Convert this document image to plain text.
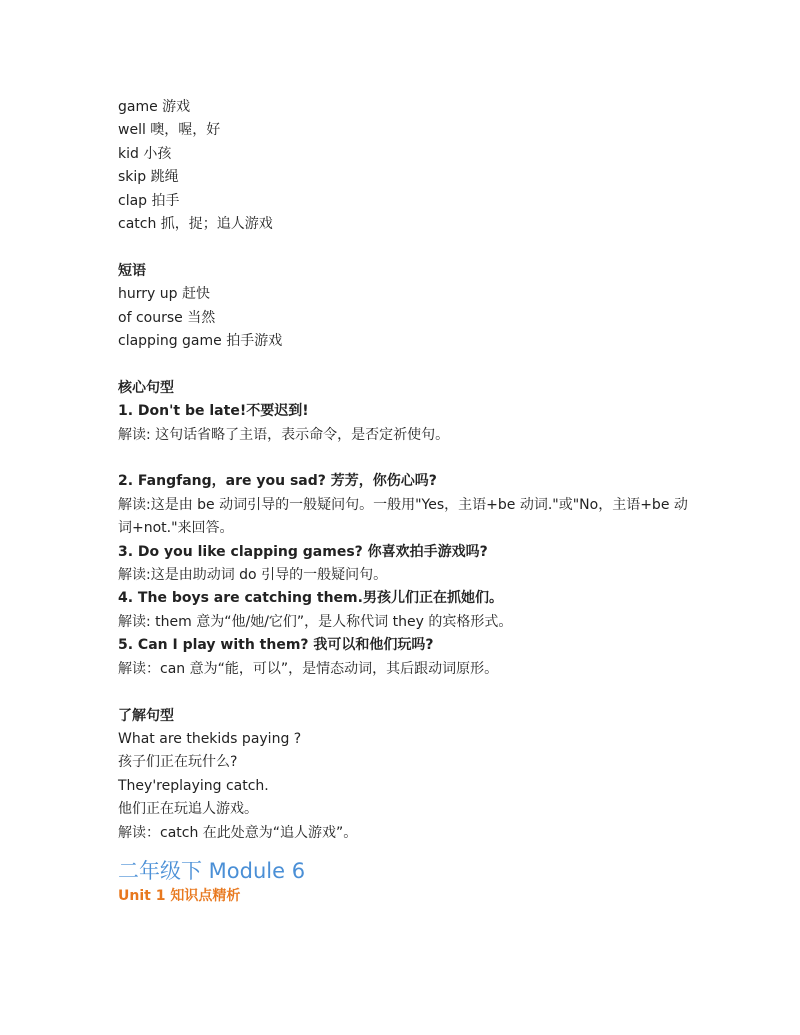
game 游戏
well 噢，喔，好
kid 小孩
skip 跳绳
clap 拍手
catch 抓，捉；追人游戏
短语
hurry up 赶快
of course 当然
clapping game 拍手游戏
核心句型
1. Don't be late!不要迟到!
解读: 这句话省略了主语，表示命令，是否定祈使句。
2. Fangfang，are you sad? 芳芳，你伤心吗?
解读:这是由 be 动词引导的一般疑问句。一般用"Yes，主语+be 动词."或"No，主语+be 动词+not."来回答。
3. Do you like clapping games? 你喜欢拍手游戏吗?
解读:这是由助动词 do 引导的一般疑问句。
4. The boys are catching them.男孩儿们正在抓她们。
解读: them 意为“他/她/它们”，是人称代词 they 的宾格形式。
5. Can I play with them? 我可以和他们玩吗?
解读：can 意为“能，可以”，是情态动词，其后跟动词原形。
了解句型
What are thekids paying ?
孩子们正在玩什么?
They'replaying catch.
他们正在玩追人游戏。
解读：catch 在此处意为“追人游戏”。
二年级下 Module 6
Unit 1 知识点精析
